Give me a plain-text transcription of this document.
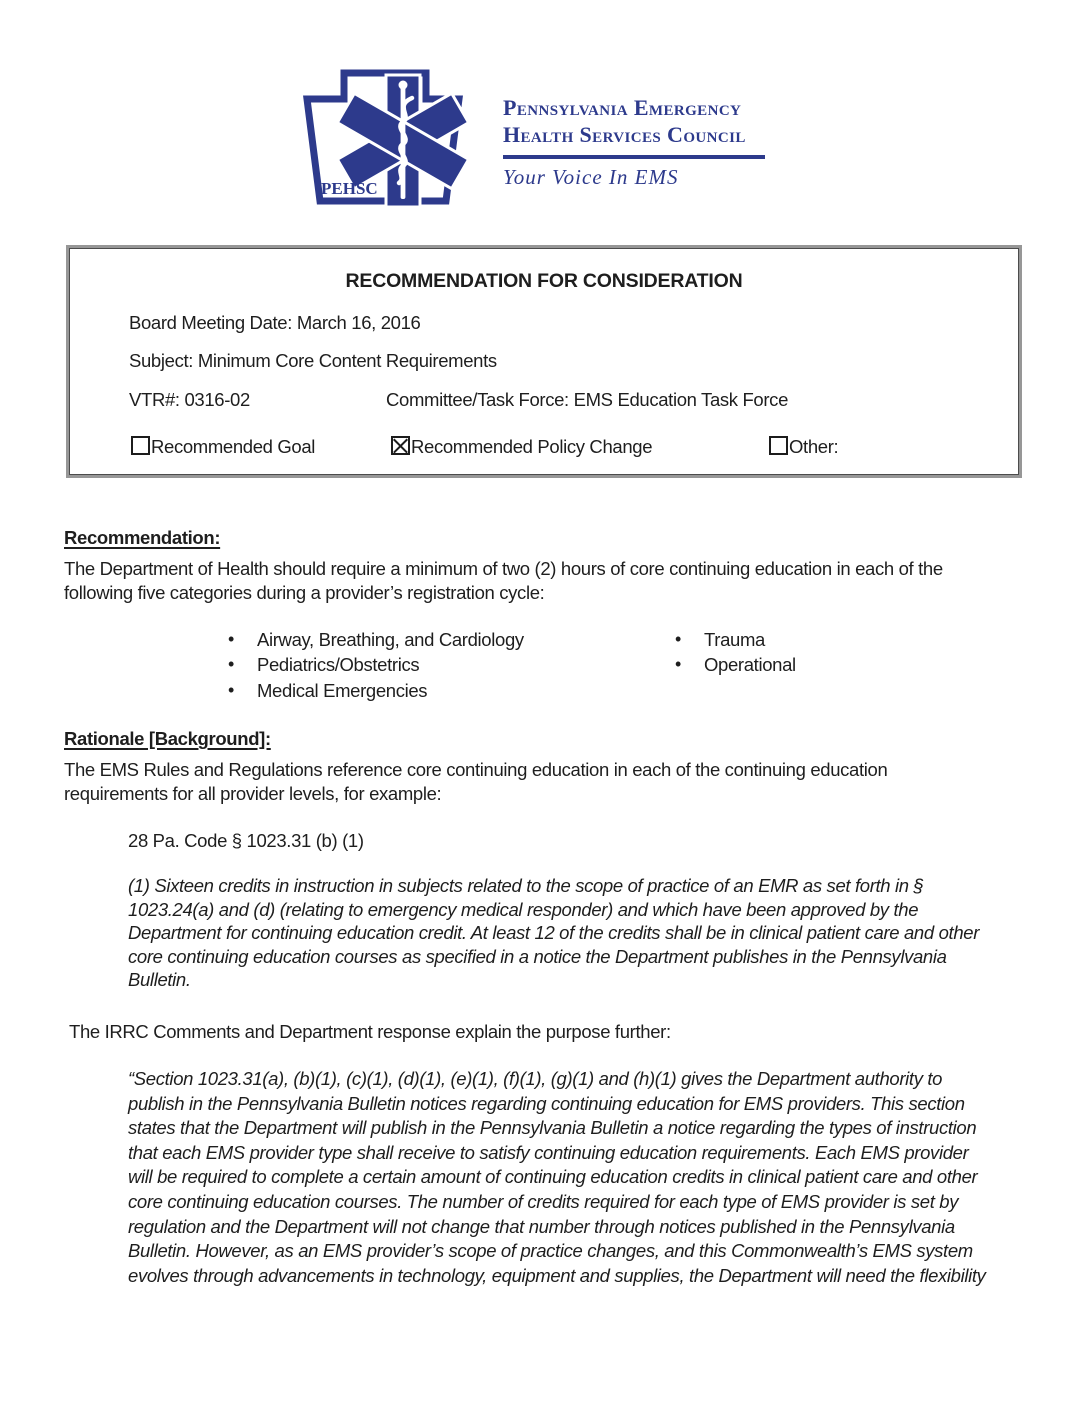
PEHSC
Pennsylvania Emergency
Health Services Council
Your Voice In EMS
RECOMMENDATION FOR CONSIDERATION
Board Meeting Date: March 16, 2016
Subject: Minimum Core Content Requirements
VTR#: 0316-02	Committee/Task Force: EMS Education Task Force
Recommended Goal	Recommended Policy Change	Other:
Recommendation:
The Department of Health should require a minimum of two (2) hours of core continuing education in each of the
following five categories during a provider’s registration cycle:
• Airway, Breathing, and Cardiology
• Pediatrics/Obstetrics
• Medical Emergencies
• Trauma
• Operational
Rationale [Background]:
The EMS Rules and Regulations reference core continuing education in each of the continuing education
requirements for all provider levels, for example:
28 Pa. Code § 1023.31 (b) (1)
(1) Sixteen credits in instruction in subjects related to the scope of practice of an EMR as set forth in §
1023.24(a) and (d) (relating to emergency medical responder) and which have been approved by the
Department for continuing education credit. At least 12 of the credits shall be in clinical patient care and other
core continuing education courses as specified in a notice the Department publishes in the Pennsylvania
Bulletin.
The IRRC Comments and Department response explain the purpose further:
“Section 1023.31(a), (b)(1), (c)(1), (d)(1), (e)(1), (f)(1), (g)(1) and (h)(1) gives the Department authority to
publish in the Pennsylvania Bulletin notices regarding continuing education for EMS providers. This section
states that the Department will publish in the Pennsylvania Bulletin a notice regarding the types of instruction
that each EMS provider type shall receive to satisfy continuing education requirements. Each EMS provider
will be required to complete a certain amount of continuing education credits in clinical patient care and other
core continuing education courses. The number of credits required for each type of EMS provider is set by
regulation and the Department will not change that number through notices published in the Pennsylvania
Bulletin. However, as an EMS provider’s scope of practice changes, and this Commonwealth’s EMS system
evolves through advancements in technology, equipment and supplies, the Department will need the flexibility
